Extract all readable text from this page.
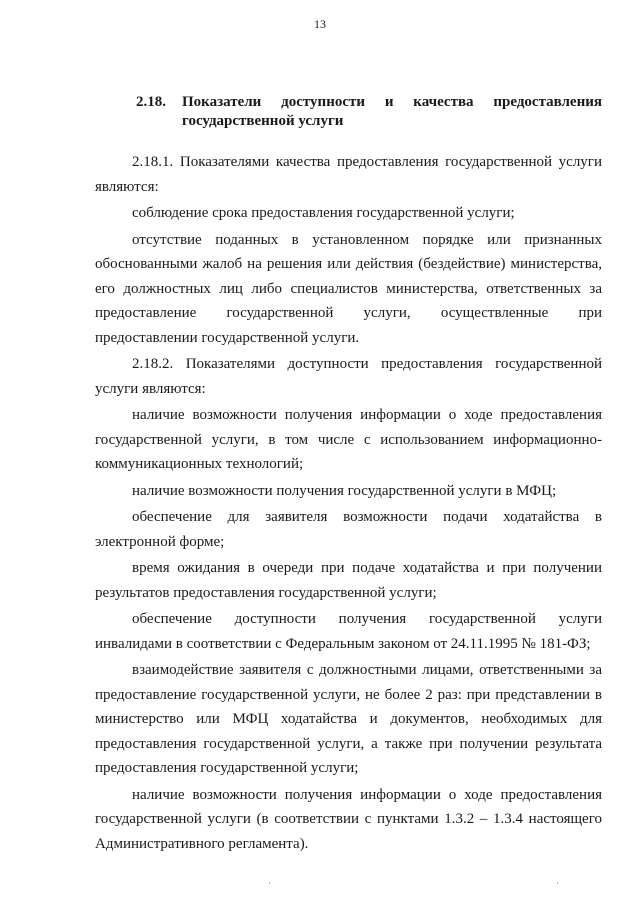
13
2.18. Показатели доступности и качества предоставления
государственной услуги

2.18.1. Показателями качества предоставления государственной услуги являются:

соблюдение срока предоставления государственной услуги;

отсутствие поданных в установленном порядке или признанных обоснованными жалоб на решения или действия (бездействие) министерства, его должностных лиц либо специалистов министерства, ответственных за предоставление государственной услуги, осуществленные при предоставлении государственной услуги.

2.18.2. Показателями доступности предоставления государственной услуги являются:

наличие возможности получения информации о ходе предоставления государственной услуги, в том числе с использованием информационно-коммуникационных технологий;

наличие возможности получения государственной услуги в МФЦ;

обеспечение для заявителя возможности подачи ходатайства в электронной форме;

время ожидания в очереди при подаче ходатайства и при получении результатов предоставления государственной услуги;

обеспечение доступности получения государственной услуги инвалидами в соответствии с Федеральным законом от 24.11.1995 № 181-ФЗ;

взаимодействие заявителя с должностными лицами, ответственными за предоставление государственной услуги, не более 2 раз: при представлении в министерство или МФЦ ходатайства и документов, необходимых для предоставления государственной услуги, а также при получении результата предоставления государственной услуги;

наличие возможности получения информации о ходе предоставления государственной услуги (в соответствии с пунктами 1.3.2 – 1.3.4 настоящего Административного регламента).

·	·
